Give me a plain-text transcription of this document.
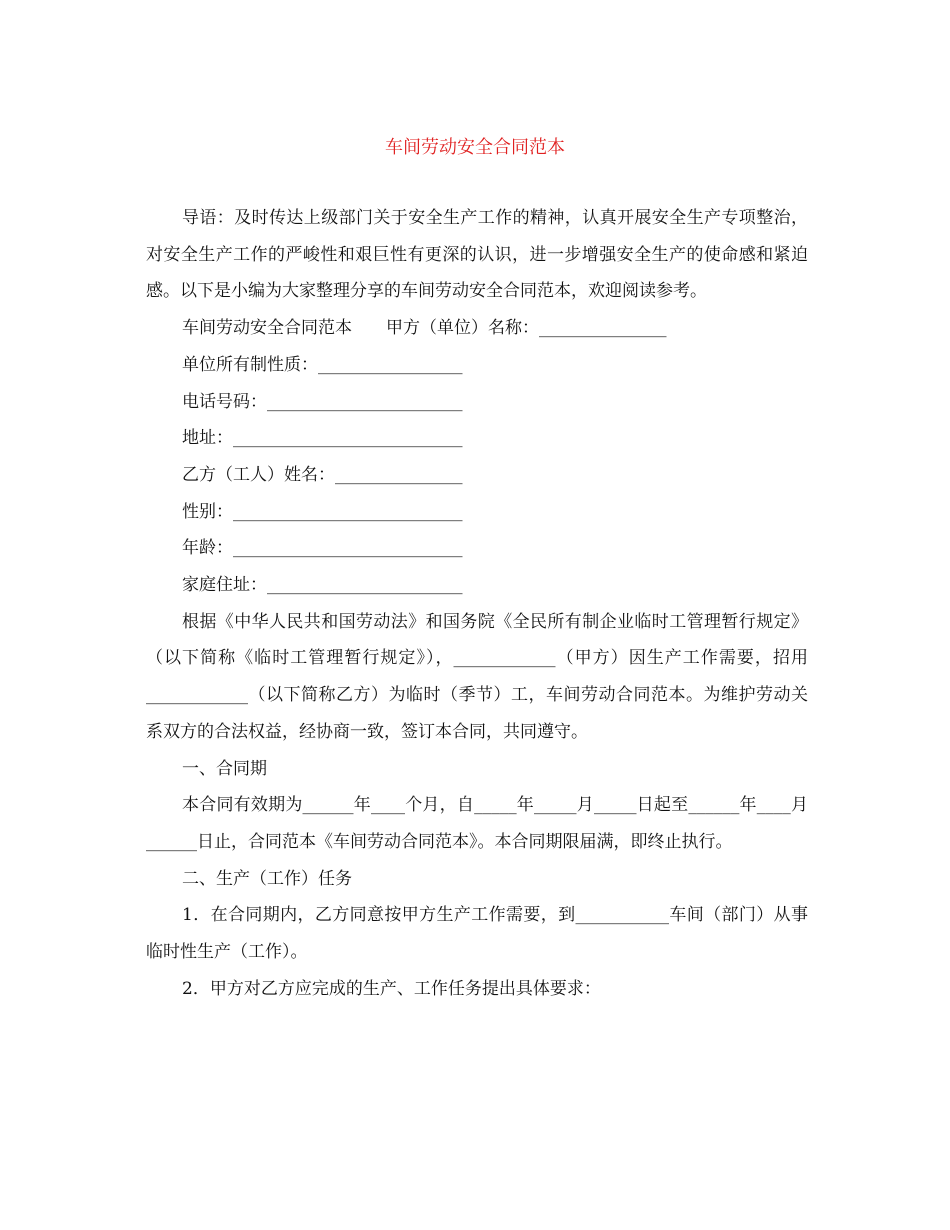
车间劳动安全合同范本

导语：及时传达上级部门关于安全生产工作的精神，认真开展安全生产专项整治，对安全生产工作的严峻性和艰巨性有更深的认识，进一步增强安全生产的使命感和紧迫感。以下是小编为大家整理分享的车间劳动安全合同范本，欢迎阅读参考。

车间劳动安全合同范本　　甲方（单位）名称：_______________

单位所有制性质：_________________

电话号码：_______________________

地址：___________________________

乙方（工人）姓名：_______________

性别：___________________________

年龄：___________________________

家庭住址：_______________________

根据《中华人民共和国劳动法》和国务院《全民所有制企业临时工管理暂行规定》（以下简称《临时工管理暂行规定》），____________（甲方）因生产工作需要，招用____________（以下简称乙方）为临时（季节）工，车间劳动合同范本。为维护劳动关系双方的合法权益，经协商一致，签订本合同，共同遵守。

一、合同期

本合同有效期为______年____个月，自_____年_____月_____日起至______年____月______日止，合同范本《车间劳动合同范本》。本合同期限届满，即终止执行。

二、生产（工作）任务

1．在合同期内，乙方同意按甲方生产工作需要，到___________车间（部门）从事临时性生产（工作）。

2．甲方对乙方应完成的生产、工作任务提出具体要求：
